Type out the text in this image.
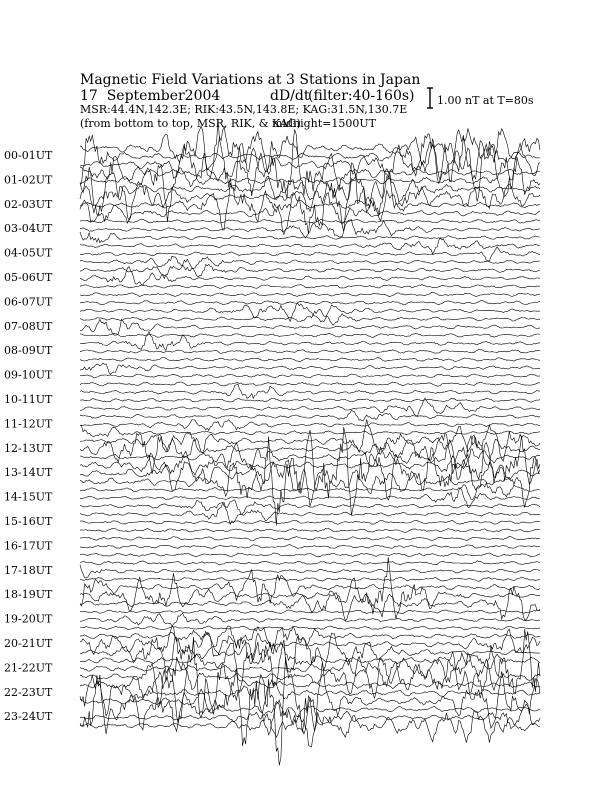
Magnetic Field Variations at 3 Stations in Japan
17  September2004	dD/dt
(filter:40-160s)
MSR:44.4N,142.3E; RIK:43.5N,143.8E; KAG:31.5N,130.7E
(from bottom to top, MSR, RIK, & KAG)
midnight=1500UT
1.00 nT at T=80s
00-01UT
01-02UT
02-03UT
03-04UT
04-05UT
05-06UT
06-07UT
07-08UT
08-09UT
09-10UT
10-11UT
11-12UT
12-13UT
13-14UT
14-15UT
15-16UT
16-17UT
17-18UT
18-19UT
19-20UT
20-21UT
21-22UT
22-23UT
23-24UT
